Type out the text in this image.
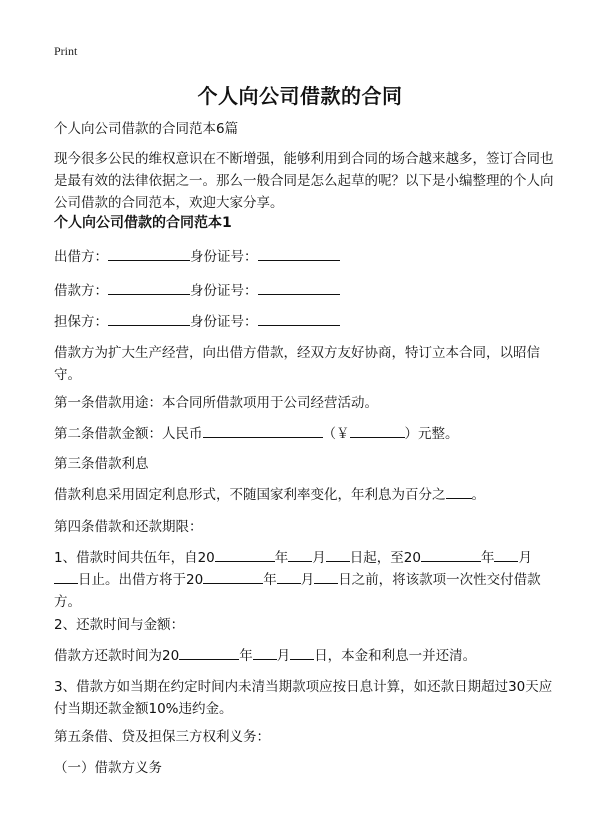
Print
个人向公司借款的合同
个人向公司借款的合同范本6篇
现今很多公民的维权意识在不断增强，能够利用到合同的场合越来越多，签订合同也是最有效的法律依据之一。那么一般合同是怎么起草的呢？以下是小编整理的个人向公司借款的合同范本，欢迎大家分享。
个人向公司借款的合同范本1
出借方：	身份证号：
借款方：	身份证号：
担保方：	身份证号：
借款方为扩大生产经营，向出借方借款，经双方友好协商，特订立本合同，以昭信守。
第一条借款用途：本合同所借款项用于公司经营活动。
第二条借款金额：人民币	（￥	）元整。
第三条借款利息
借款利息采用固定利息形式，不随国家利率变化，年利息为百分之 。
第四条借款和还款期限：
1、借款时间共伍年，自20	年 月 日起，至20	年 月日止。出借方将于20	年 月 日之前，将该款项一次性交付借款方。
2、还款时间与金额：
借款方还款时间为20	年 月 日，本金和利息一并还清。
3、借款方如当期在约定时间内未清当期款项应按日息计算，如还款日期超过30天应付当期还款金额10%违约金。
第五条借、贷及担保三方权利义务：
（一）借款方义务
